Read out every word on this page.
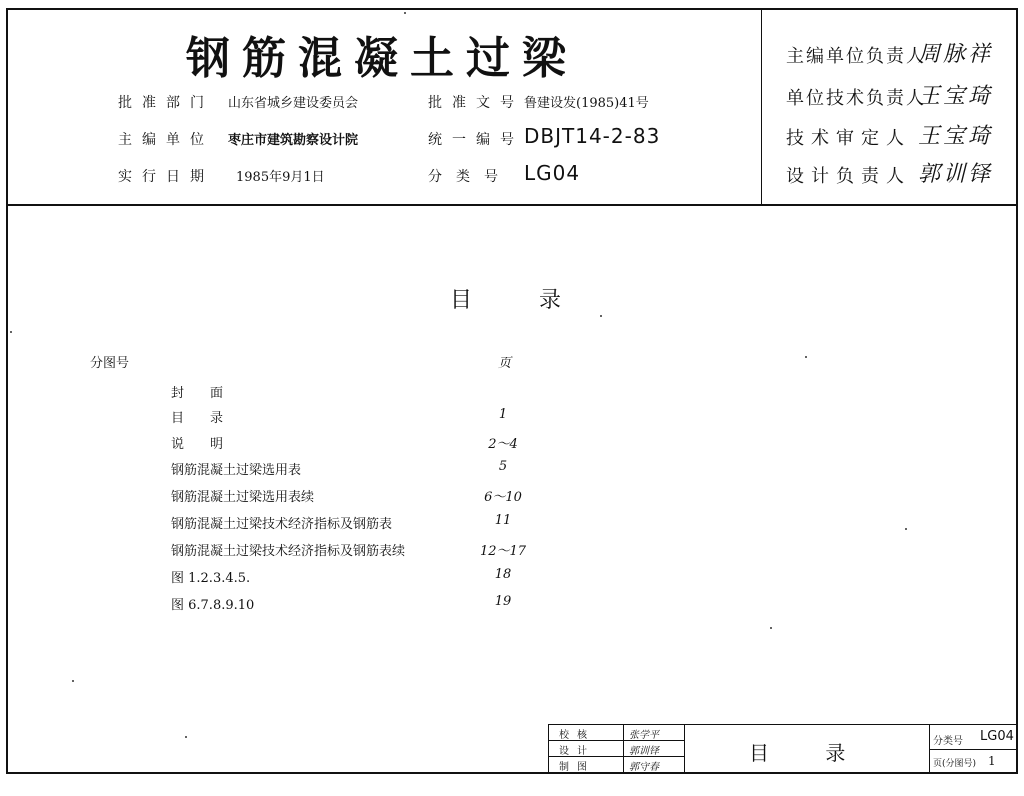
钢筋混凝土过梁
批准部门 山东省城乡建设委员会
主编单位 枣庄市建筑勘察设计院
实行日期 1985年9月1日
批准文号 鲁建设发(1985)41号
统一编号 DBJT14-2-83
分类号 LG04
主编单位负责人
周脉祥
单位技术负责人
王宝琦
技术审定人 王宝琦
设计负责人 郭训铎
目 录
分图号	页
封　　面
目　　录	1
说　　明	2～4
钢筋混凝土过梁选用表	5
钢筋混凝土过梁选用表续	6～10
钢筋混凝土过梁技术经济指标及钢筋表	11
钢筋混凝土过梁技术经济指标及钢筋表续	12～17
图 1.2.3.4.5.	18
图 6.7.8.9.10	19
校核	张学平
设计	郭训铎
制图	郭守春
目 录	分类号 LG04
页(分图号) 1
